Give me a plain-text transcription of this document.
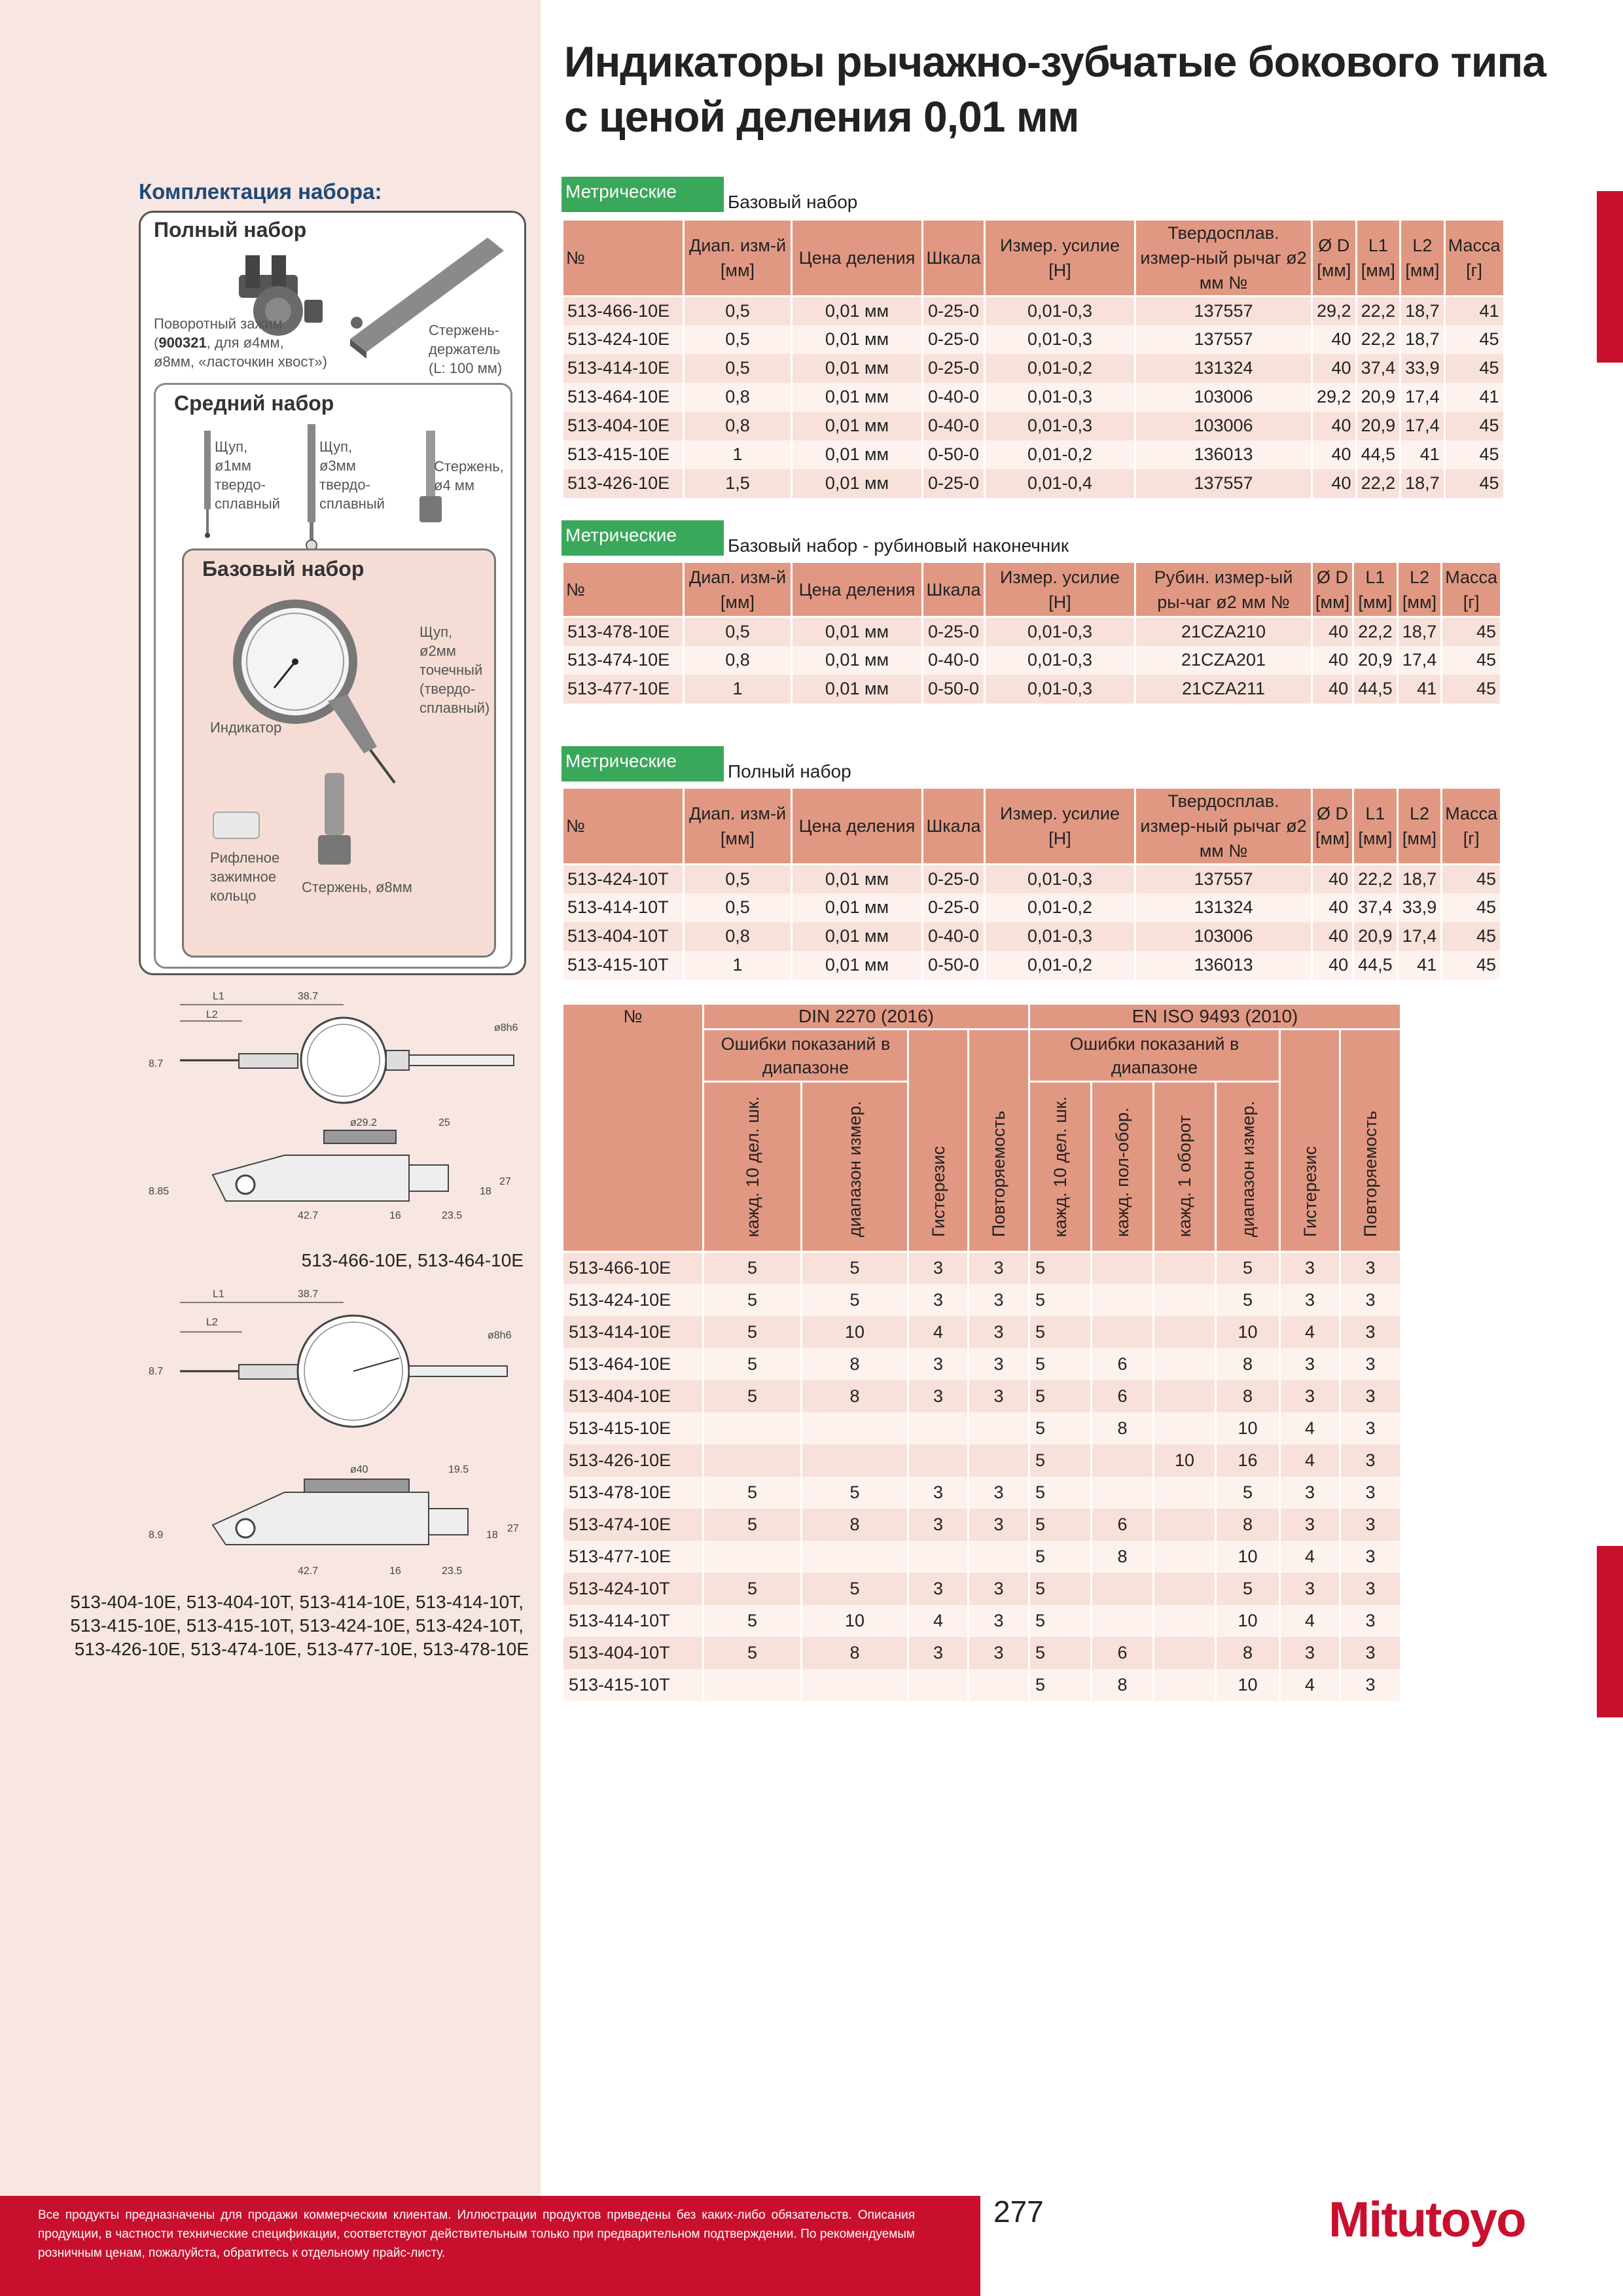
Индикаторы рычажно-зубчатые бокового типа с ценой деления 0,01 мм
Комплектация набора:
Полный набор
Поворотный зажим
(900321, для ø4мм,
ø8мм, «ласточкин хвост»)
Стержень-
держатель
(L: 100 мм)
Средний набор
Щуп,
ø1мм
твердо-
сплавный
Щуп,
ø3мм
твердо-
сплавный
Стержень,
ø4 мм
Базовый набор
Щуп,
ø2мм
точечный
(твердо-
сплавный)
Индикатор
Рифленое
зажимное
кольцо
Стержень, ø8мм
L1
L2
38.7
8.7
ø8h6
ø29.2	25
27
18
8.85
42.7	16	23.5
513-466-10E, 513-464-10E
L1
L2
38.7
8.7
ø8h6
ø40	19.5
27
18
8.9
42.7	16	23.5
513-404-10E, 513-404-10T, 513-414-10E, 513-414-10T,
513-415-10E, 513-415-10T, 513-424-10E, 513-424-10T,
513-426-10E, 513-474-10E, 513-477-10E, 513-478-10E
Метрические
Базовый набор
№	Диап. изм-й [мм]	Цена деления	Шкала	Измер. усилие [Н]	Твердосплав. измер-ный рычаг ø2 мм №	Ø D [мм]	L1 [мм]	L2 [мм]	Масса [г]
513-466-10E	0,5	0,01 мм	0-25-0	0,01-0,3	137557	29,2	22,2	18,7	41
513-424-10E	0,5	0,01 мм	0-25-0	0,01-0,3	137557	40	22,2	18,7	45
513-414-10E	0,5	0,01 мм	0-25-0	0,01-0,2	131324	40	37,4	33,9	45
513-464-10E	0,8	0,01 мм	0-40-0	0,01-0,3	103006	29,2	20,9	17,4	41
513-404-10E	0,8	0,01 мм	0-40-0	0,01-0,3	103006	40	20,9	17,4	45
513-415-10E	1	0,01 мм	0-50-0	0,01-0,2	136013	40	44,5	41	45
513-426-10E	1,5	0,01 мм	0-25-0	0,01-0,4	137557	40	22,2	18,7	45
Метрические
Базовый набор - рубиновый наконечник
№	Диап. изм-й [мм]	Цена деления	Шкала	Измер. усилие [Н]	Рубин. измер-ый ры-чаг ø2 мм №	Ø D [мм]	L1 [мм]	L2 [мм]	Масса [г]
513-478-10E	0,5	0,01 мм	0-25-0	0,01-0,3	21CZA210	40	22,2	18,7	45
513-474-10E	0,8	0,01 мм	0-40-0	0,01-0,3	21CZA201	40	20,9	17,4	45
513-477-10E	1	0,01 мм	0-50-0	0,01-0,3	21CZA211	40	44,5	41	45
Метрические
Полный набор
№	Диап. изм-й [мм]	Цена деления	Шкала	Измер. усилие [Н]	Твердосплав. измер-ный рычаг ø2 мм №	Ø D [мм]	L1 [мм]	L2 [мм]	Масса [г]
513-424-10T	0,5	0,01 мм	0-25-0	0,01-0,3	137557	40	22,2	18,7	45
513-414-10T	0,5	0,01 мм	0-25-0	0,01-0,2	131324	40	37,4	33,9	45
513-404-10T	0,8	0,01 мм	0-40-0	0,01-0,3	103006	40	20,9	17,4	45
513-415-10T	1	0,01 мм	0-50-0	0,01-0,2	136013	40	44,5	41	45
№	DIN 2270 (2016)				EN ISO 9493 (2010)					
	Ошибки показаний в диапазоне		Гистерезис	Повторяемость	Ошибки показаний в диапазоне				Гистерезис	Повторяемость
	кажд. 10 дел. шк.	диапазон измер.			кажд. 10 дел. шк.	кажд. пол-обор.	кажд. 1 оборот	диапазон измер.		
513-466-10E	5	5	3	3	5			5	3	3
513-424-10E	5	5	3	3	5			5	3	3
513-414-10E	5	10	4	3	5			10	4	3
513-464-10E	5	8	3	3	5	6		8	3	3
513-404-10E	5	8	3	3	5	6		8	3	3
513-415-10E					5	8		10	4	3
513-426-10E					5		10	16	4	3
513-478-10E	5	5	3	3	5			5	3	3
513-474-10E	5	8	3	3	5	6		8	3	3
513-477-10E					5	8		10	4	3
513-424-10T	5	5	3	3	5			5	3	3
513-414-10T	5	10	4	3	5			10	4	3
513-404-10T	5	8	3	3	5	6		8	3	3
513-415-10T					5	8		10	4	3
Все продукты предназначены для продажи коммерческим клиентам. Иллюстрации продуктов приведены без каких-либо обязательств. Описания продукции, в частности технические спецификации, соответствуют действительным только при предварительном подтверждении. По рекомендуемым розничным ценам, пожалуйста, обратитесь к отдельному прайс-листу.
277	Mitutoyo
